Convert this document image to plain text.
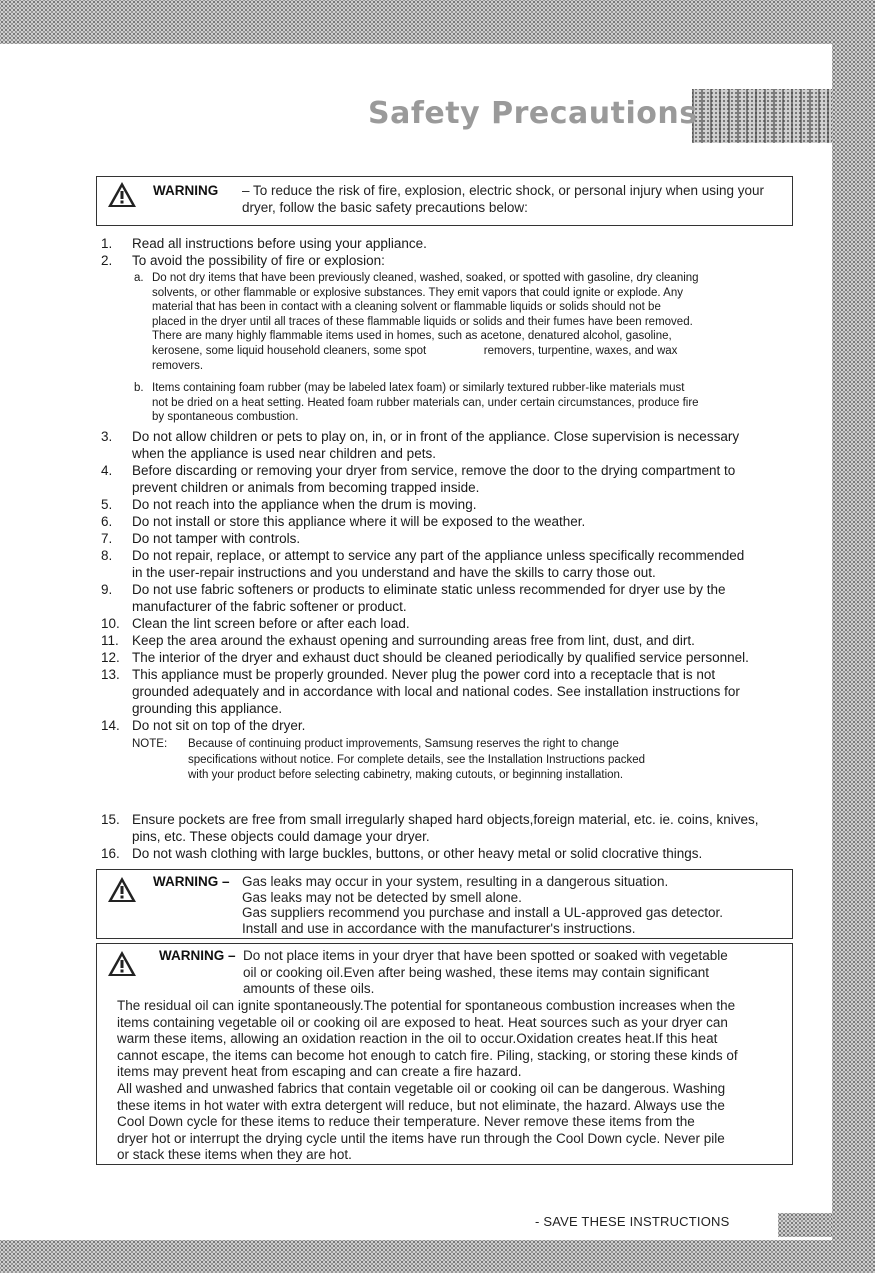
Safety Precautions
WARNING – To reduce the risk of fire, explosion, electric shock, or personal injury when using your
dryer, follow the basic safety precautions below:
1. Read all instructions before using your appliance.
2. To avoid the possibility of fire or explosion:
3. Do not allow children or pets to play on, in, or in front of the appliance. Close supervision is necessary
when the appliance is used near children and pets.
4. Before discarding or removing your dryer from service, remove the door to the drying compartment to
prevent children or animals from becoming trapped inside.
5. Do not reach into the appliance when the drum is moving.
6. Do not install or store this appliance where it will be exposed to the weather.
7. Do not tamper with controls.
8. Do not repair, replace, or attempt to service any part of the appliance unless specifically recommended
in the user-repair instructions and you understand and have the skills to carry those out.
9. Do not use fabric softeners or products to eliminate static unless recommended for dryer use by the
manufacturer of the fabric softener or product.
10. Clean the lint screen before or after each load.
11. Keep the area around the exhaust opening and surrounding areas free from lint, dust, and dirt.
12. The interior of the dryer and exhaust duct should be cleaned periodically by qualified service personnel.
13. This appliance must be properly grounded. Never plug the power cord into a receptacle that is not
grounded adequately and in accordance with local and national codes. See installation instructions for
grounding this appliance.
14. Do not sit on top of the dryer.
15. Ensure pockets are free from small irregularly shaped hard objects,foreign material, etc. ie. coins, knives,
pins, etc. These objects could damage your dryer.
16. Do not wash clothing with large buckles, buttons, or other heavy metal or solid clocrative things.
a. Do not dry items that have been previously cleaned, washed, soaked, or spotted with gasoline, dry cleaning
solvents, or other flammable or explosive substances. They emit vapors that could ignite or explode. Any
material that has been in contact with a cleaning solvent or flammable liquids or solids should not be
placed in the dryer until all traces of these flammable liquids or solids and their fumes have been removed.
There are many highly flammable items used in homes, such as acetone, denatured alcohol, gasoline,
kerosene, some liquid household cleaners, some spot                  removers, turpentine, waxes, and wax
removers.
b. Items containing foam rubber (may be labeled latex foam) or similarly textured rubber-like materials must
not be dried on a heat setting. Heated foam rubber materials can, under certain circumstances, produce fire
by spontaneous combustion.
NOTE: Because of continuing product improvements, Samsung reserves the right to change
specifications without notice. For complete details, see the Installation Instructions packed
with your product before selecting cabinetry, making cutouts, or beginning installation.
WARNING – Gas leaks may occur in your system, resulting in a dangerous situation.
Gas leaks may not be detected by smell alone.
Gas suppliers recommend you purchase and install a UL-approved gas detector.
Install and use in accordance with the manufacturer's instructions.
WARNING – Do not place items in your dryer that have been spotted or soaked with vegetable
oil or cooking oil.Even after being washed, these items may contain significant
amounts of these oils.
The residual oil can ignite spontaneously.The potential for spontaneous combustion increases when the
items containing vegetable oil or cooking oil are exposed to heat. Heat sources such as your dryer can
warm these items, allowing an oxidation reaction in the oil to occur.Oxidation creates heat.If this heat
cannot escape, the items can become hot enough to catch fire. Piling, stacking, or storing these kinds of
items may prevent heat from escaping and can create a fire hazard.
All washed and unwashed fabrics that contain vegetable oil or cooking oil can be dangerous. Washing
these items in hot water with extra detergent will reduce, but not eliminate, the hazard. Always use the
Cool Down cycle for these items to reduce their temperature. Never remove these items from the
dryer hot or interrupt the drying cycle until the items have run through the Cool Down cycle. Never pile
or stack these items when they are hot.
- SAVE THESE INSTRUCTIONS
